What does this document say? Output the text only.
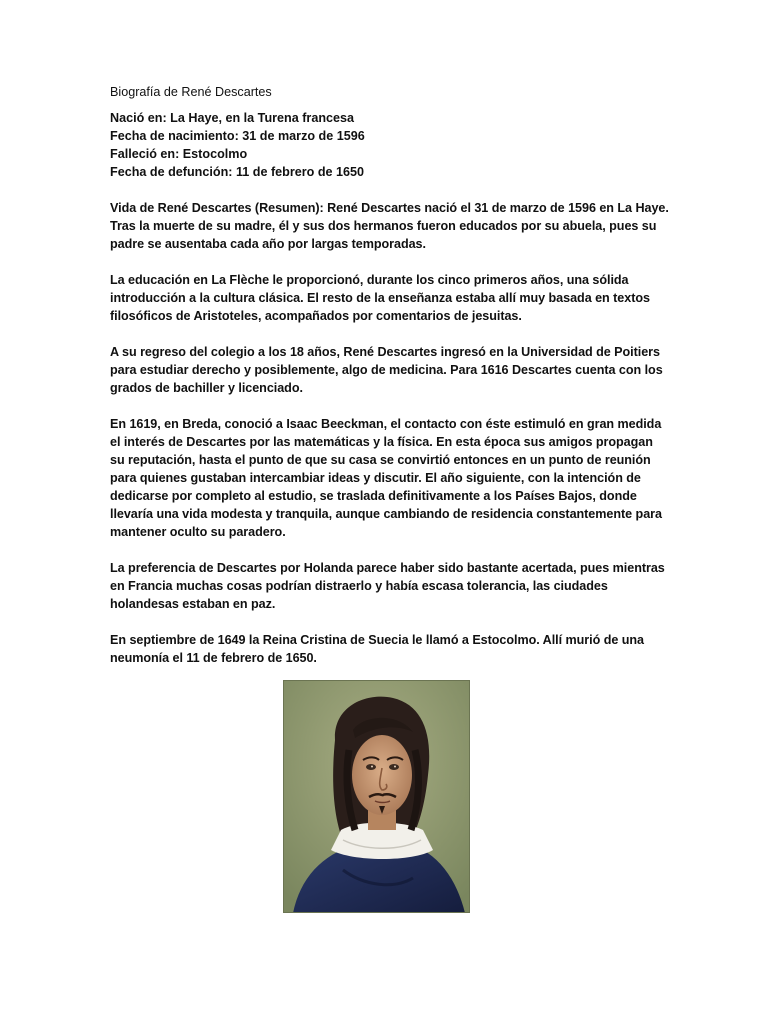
Biografía de René Descartes
Nació en: La Haye, en la Turena francesa
Fecha de nacimiento: 31 de marzo de 1596
Falleció en: Estocolmo
Fecha de defunción: 11 de febrero de 1650

Vida de René Descartes (Resumen): René Descartes nació el 31 de marzo de 1596 en La Haye. Tras la muerte de su madre, él y sus dos hermanos fueron educados por su abuela, pues su padre se ausentaba cada año por largas temporadas.

La educación en La Flèche le proporcionó, durante los cinco primeros años, una sólida introducción a la cultura clásica. El resto de la enseñanza estaba allí muy basada en textos filosóficos de Aristoteles, acompañados por comentarios de jesuitas.

A su regreso del colegio a los 18 años, René Descartes ingresó en la Universidad de Poitiers para estudiar derecho y posiblemente, algo de medicina. Para 1616 Descartes cuenta con los grados de bachiller y licenciado.

En 1619, en Breda, conoció a Isaac Beeckman, el contacto con éste estimuló en gran medida el interés de Descartes por las matemáticas y la física. En esta época sus amigos propagan su reputación, hasta el punto de que su casa se convirtió entonces en un punto de reunión para quienes gustaban intercambiar ideas y discutir. El año siguiente, con la intención de dedicarse por completo al estudio, se traslada definitivamente a los Países Bajos, donde llevaría una vida modesta y tranquila, aunque cambiando de residencia constantemente para mantener oculto su paradero.

La preferencia de Descartes por Holanda parece haber sido bastante acertada, pues mientras en Francia muchas cosas podrían distraerlo y había escasa tolerancia, las ciudades holandesas estaban en paz.

En septiembre de 1649 la Reina Cristina de Suecia le llamó a Estocolmo. Allí murió de una neumonía el 11 de febrero de 1650.
